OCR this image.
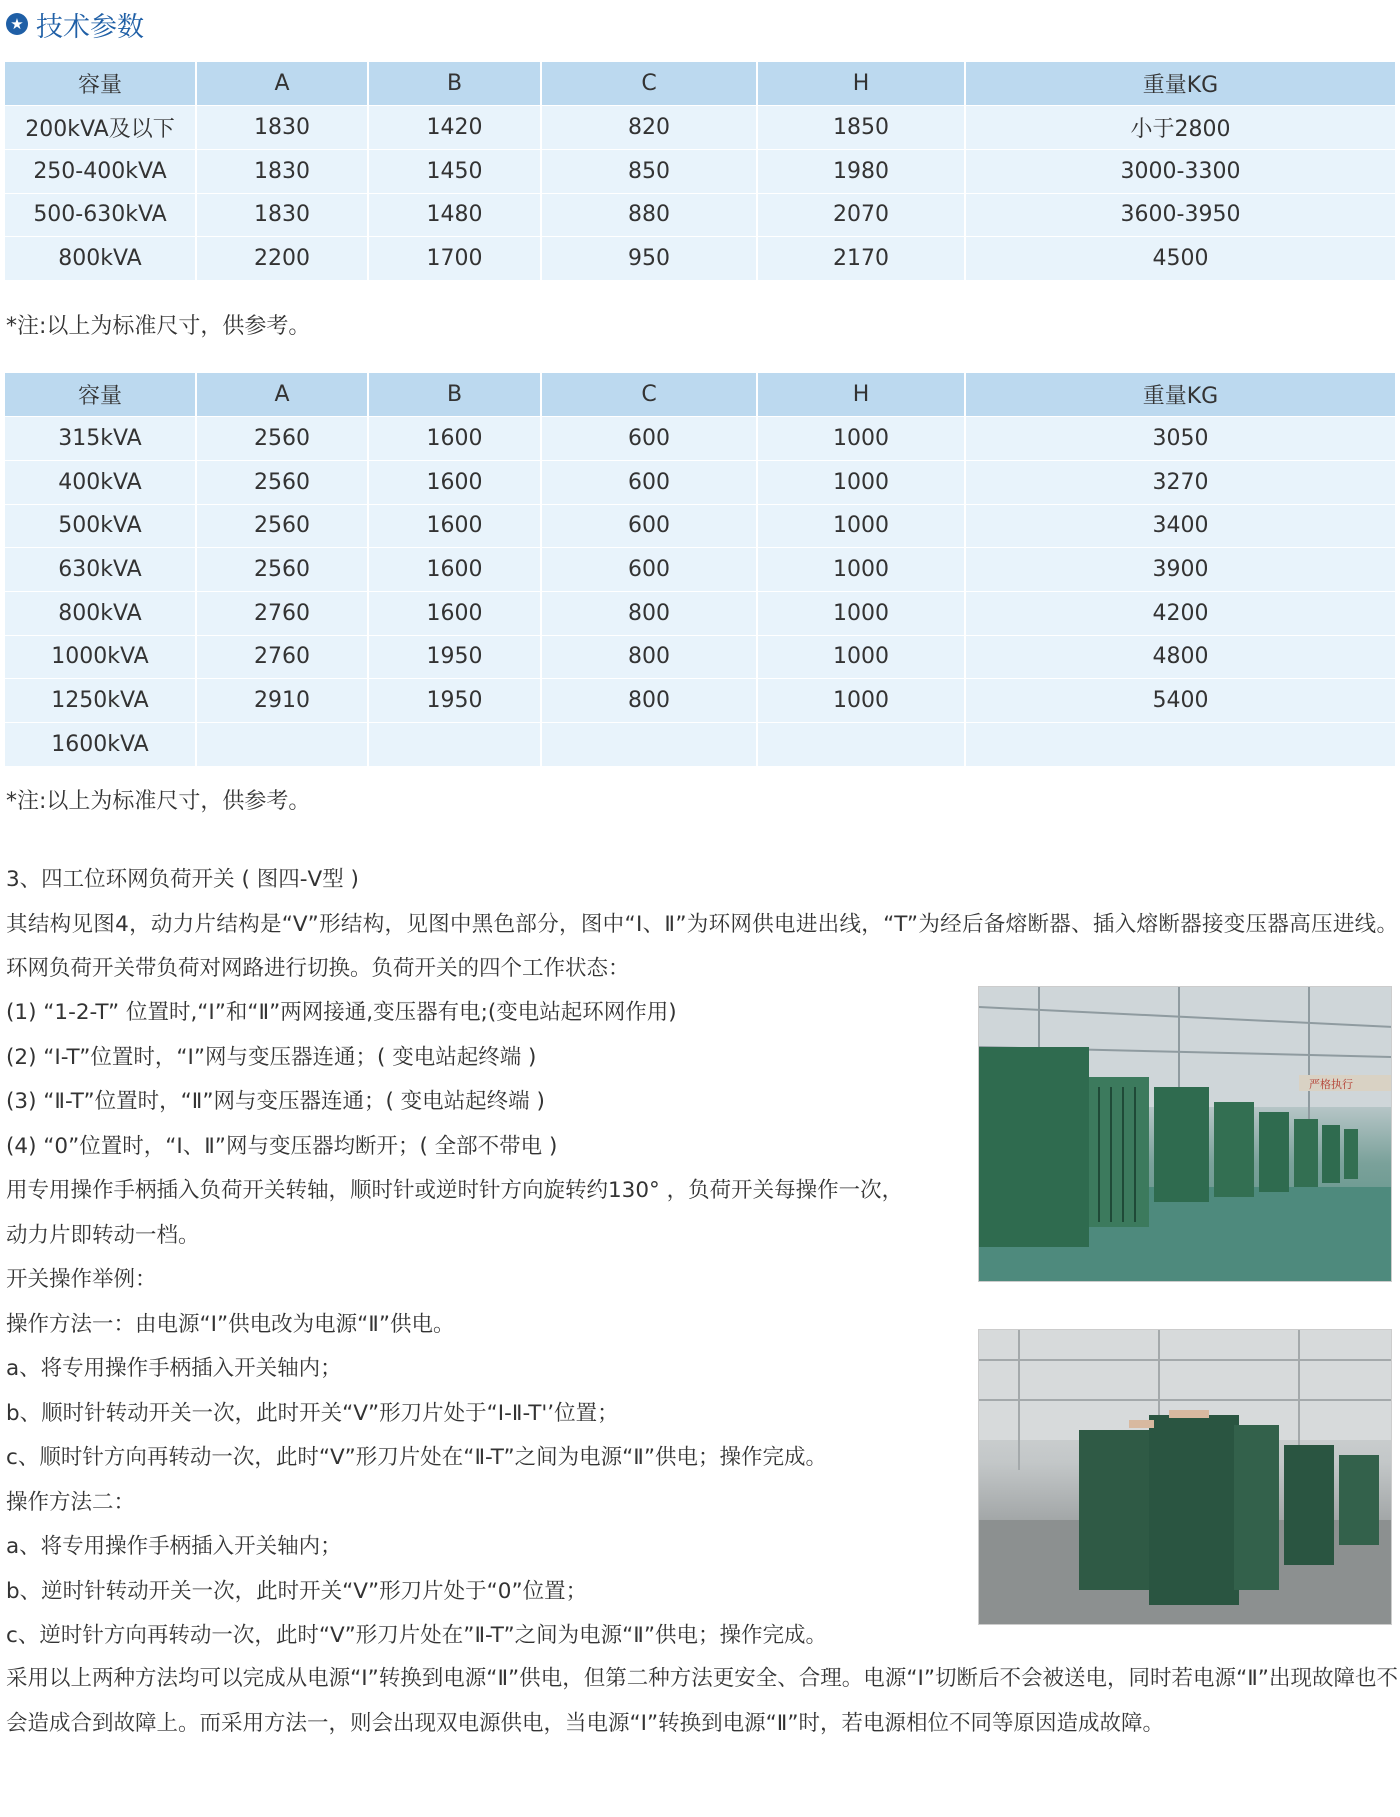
★
技术参数
容量	A	B	C	H	重量KG
200kVA及以下	1830	1420	820	1850	小于2800
250-400kVA	1830	1450	850	1980	3000-3300
500-630kVA	1830	1480	880	2070	3600-3950
800kVA	2200	1700	950	2170	4500
*注:以上为标准尺寸，供参考。
容量	A	B	C	H	重量KG
315kVA	2560	1600	600	1000	3050
400kVA	2560	1600	600	1000	3270
500kVA	2560	1600	600	1000	3400
630kVA	2560	1600	600	1000	3900
800kVA	2760	1600	800	1000	4200
1000kVA	2760	1950	800	1000	4800
1250kVA	2910	1950	800	1000	5400
1600kVA					
*注:以上为标准尺寸，供参考。

3、四工位环网负荷开关 ( 图四-V型 )

其结构见图4，动力片结构是“V”形结构，见图中黑色部分，图中“Ⅰ、Ⅱ”为环网供电进出线，“T”为经后备熔断器、插入熔断器接变压器高压进线。环网负荷开关带负荷对网路进行切换。负荷开关的四个工作状态：

(1) “1-2-T” 位置时,“Ⅰ”和“Ⅱ”两网接通,变压器有电;(变电站起环网作用)

(2) “Ⅰ-T”位置时，“Ⅰ”网与变压器连通；( 变电站起终端 )

(3) “Ⅱ-T”位置时，“Ⅱ”网与变压器连通；( 变电站起终端 )

(4) “0”位置时，“Ⅰ、Ⅱ”网与变压器均断开；( 全部不带电 )

用专用操作手柄插入负荷开关转轴，顺时针或逆时针方向旋转约130° ，负荷开关每操作一次，

动力片即转动一档。

开关操作举例：

操作方法一：由电源“Ⅰ”供电改为电源“Ⅱ”供电。

a、将专用操作手柄插入开关轴内；

b、顺时针转动开关一次，此时开关“V”形刀片处于“Ⅰ-Ⅱ-T'’位置；

c、顺时针方向再转动一次，此时“V”形刀片处在“Ⅱ-T”之间为电源“Ⅱ”供电；操作完成。

操作方法二：

a、将专用操作手柄插入开关轴内；

b、逆时针转动开关一次，此时开关“V”形刀片处于“0”位置；

c、逆时针方向再转动一次，此时“V”形刀片处在”Ⅱ-T”之间为电源“Ⅱ”供电；操作完成。

采用以上两种方法均可以完成从电源“Ⅰ”转换到电源“Ⅱ”供电，但第二种方法更安全、合理。电源“Ⅰ”切断后不会被送电，同时若电源“Ⅱ”出现故障也不会造成合到故障上。而采用方法一，则会出现双电源供电，当电源“Ⅰ”转换到电源“Ⅱ”时，若电源相位不同等原因造成故障。

严格执行
